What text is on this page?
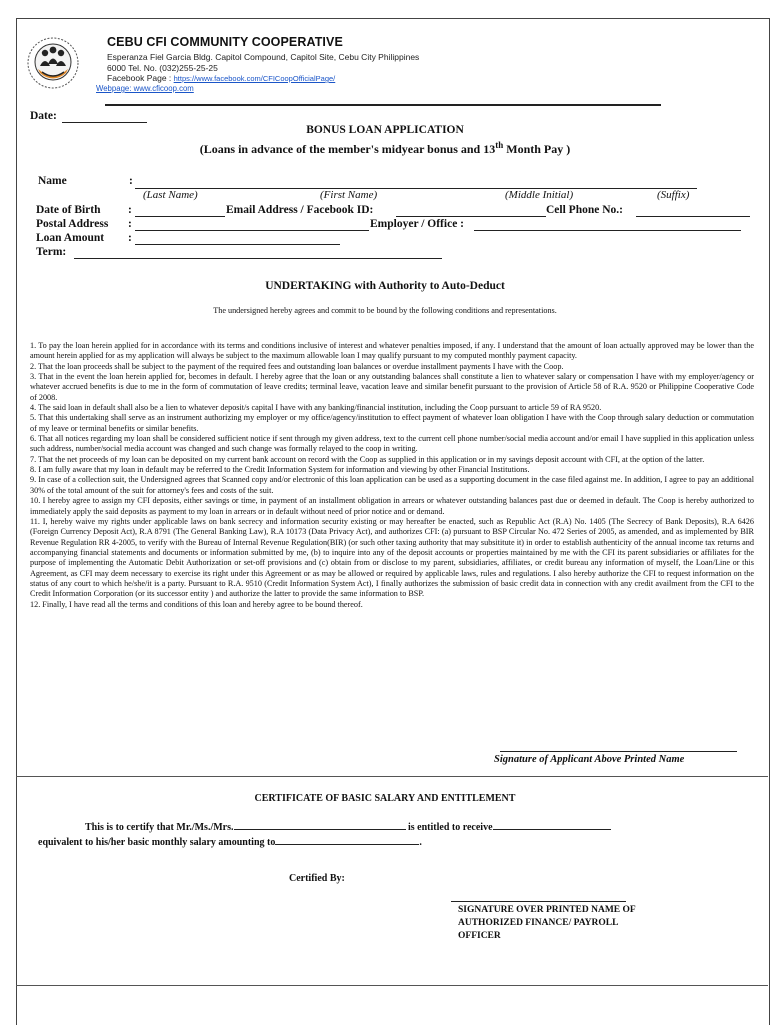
CEBU CFI COMMUNITY COOPERATIVE
Esperanza Fiel Garcia Bldg. Capitol Compound, Capitol Site, Cebu City Philippines
6000 Tel. No. (032)255-25-25
Facebook Page : https://www.facebook.com/CFICoopOfficialPage/
Webpage: www.cficoop.com
Date:
BONUS LOAN APPLICATION
(Loans in advance of the member's midyear bonus and 13th Month Pay )
Name	:
(Last Name)	(First Name)	(Middle Initial)	(Suffix)
Date of Birth :	Email Address / Facebook ID:	Cell Phone No.:
Postal Address :	Employer / Office :
Loan Amount :
Term:
UNDERTAKING with Authority to Auto-Deduct
The undersigned hereby agrees and commit to be bound by the following conditions and representations.

1. To pay the loan herein applied for in accordance with its terms and conditions inclusive of interest and whatever penalties imposed, if any. I understand that the amount of loan actually approved may be lower than the amount herein applied for as my application will always be subject to the maximum allowable loan I may qualify pursuant to my computed monthly payment capacity.

2. That the loan proceeds shall be subject to the payment of the required fees and outstanding loan balances or overdue installment payments I have with the Coop.

3. That in the event the loan herein applied for, becomes in default. I hereby agree that the loan or any outstanding balances shall constitute a lien to whatever salary or compensation I have with my employer/agency or whatever accrued benefits is due to me in the form of commutation of leave credits; terminal leave, vacation leave and similar benefit pursuant to the provision of Article 58 of R.A. 9520 or Philippine Cooperative Code of 2008.

4. The said loan in default shall also be a lien to whatever deposit/s capital I have with any banking/financial institution, including the Coop pursuant to article 59 of RA 9520.

5. That this undertaking shall serve as an instrument authorizing my employer or my office/agency/institution to effect payment of whatever loan obligation I have with the Coop through salary deduction or commutation of my leave or terminal benefits or similar benefits.

6. That all notices regarding my loan shall be considered sufficient notice if sent through my given address, text to the current cell phone number/social media account and/or email I have supplied in this application unless such address, number/social media account was changed and such change was formally relayed to the coop in writing.

7. That the net proceeds of my loan can be deposited on my current bank account on record with the Coop as supplied in this application or in my savings deposit account with CFI, at the option of the latter.

8. I am fully aware that my loan in default may be referred to the Credit Information System for information and viewing by other Financial Institutions.

9. In case of a collection suit, the Undersigned agrees that Scanned copy and/or electronic of this loan application can be used as a supporting document in the case filed against me. In addition, I agree to pay an additional 30% of the total amount of the suit for attorney's fees and costs of the suit.

10. I hereby agree to assign my CFI deposits, either savings or time, in payment of an installment obligation in arrears or whatever outstanding balances past due or deemed in default. The Coop is hereby authorized to immediately apply the said deposits as payment to my loan in arrears or in default without need of prior notice and or demand.

11. I, hereby waive my rights under applicable laws on bank secrecy and information security existing or may hereafter be enacted, such as Republic Act (R.A) No. 1405 (The Secrecy of Bank Deposits), R.A 6426 (Foreign Currency Deposit Act), R.A 8791 (The General Banking Law), R.A 10173 (Data Privacy Act), and authorizes CFI: (a) pursuant to BSP Circular No. 472 Series of 2005, as amended, and as implemented by BIR Revenue Regulation RR 4-2005, to verify with the Bureau of Internal Revenue Regulation(BIR) (or such other taxing authority that may subsititute it) in order to establish authenticity of the annual income tax returns and accompanying financial statements and documents or information submitted by me, (b) to inquire into any of the deposit accounts or properties maintained by me with the CFI its parent subsidiaries or affiliates for the purpose of implementing the Automatic Debit Authorization or set-off provisions and (c) obtain from or disclose to my parent, subsidiaries, affiliates, or credit bureau any information of myself, the Loan/Line or this Agreement, as CFI may deem necessary to exercise its right under this Agreement or as may be allowed or required by applicable laws, rules and regulations. I also hereby authorize the CFI to request information on the status of any court to which he/she/it is a party. Pursuant to R.A. 9510 (Credit Information System Act), I finally authorizes the submission of basic credit data in connection with any credit availment from the CFI to the Credit Information Corporation (or its successor entity ) and authorize the latter to provide the same information to BSP.

12. Finally, I have read all the terms and conditions of this loan and hereby agree to be bound thereof.

Signature of Applicant Above Printed Name
CERTIFICATE OF BASIC SALARY AND ENTITLEMENT
This is to certify that Mr./Ms./Mrs.	is entitled to receive
equivalent to his/her basic monthly salary amounting to	.
Certified By:
SIGNATURE OVER PRINTED NAME OF
AUTHORIZED FINANCE/ PAYROLL
OFFICER
